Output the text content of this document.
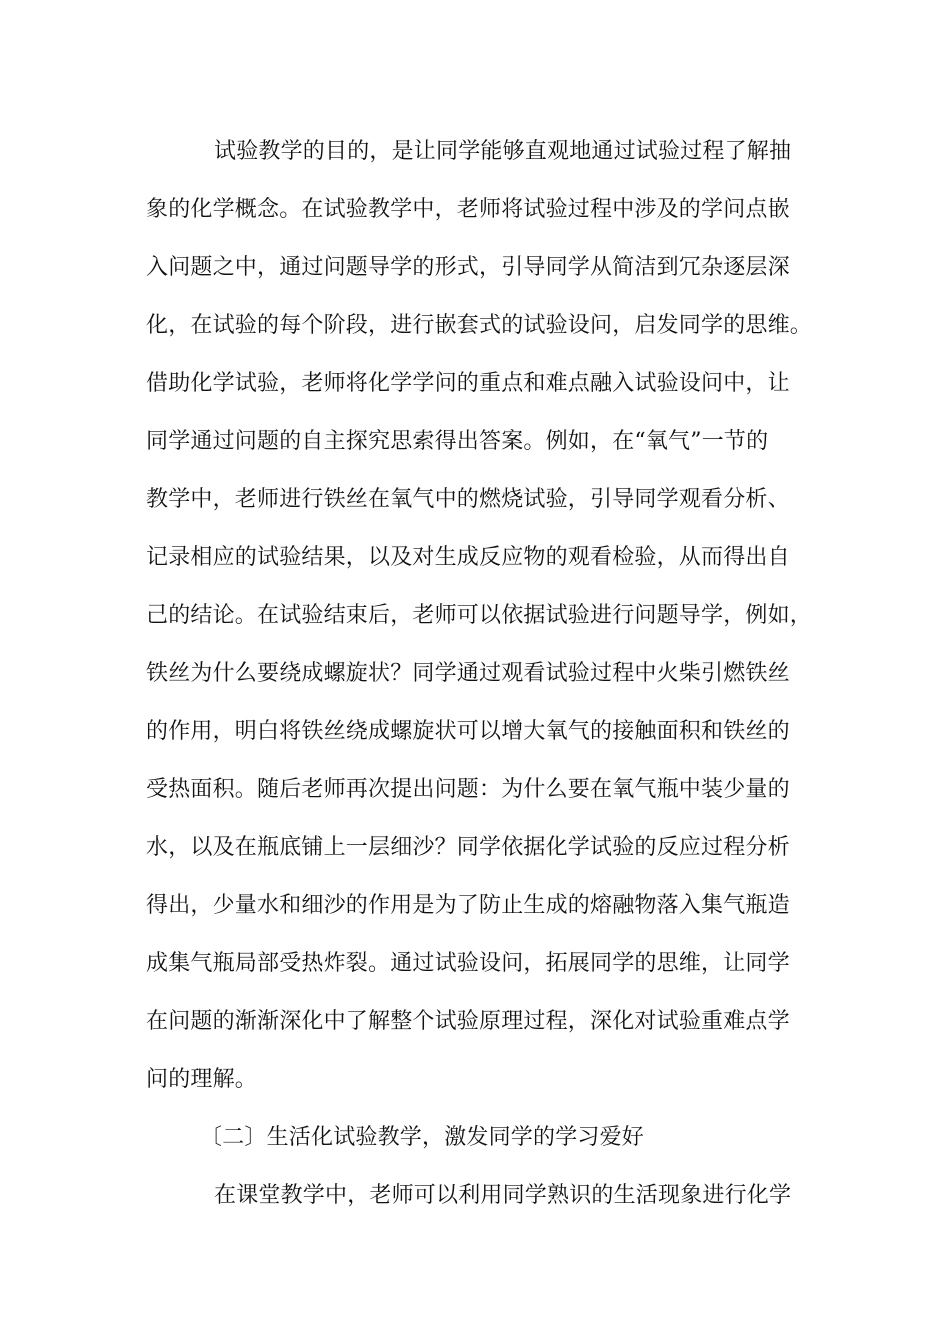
试验教学的目的，是让同学能够直观地通过试验过程了解抽
象的化学概念。在试验教学中，老师将试验过程中涉及的学问点嵌
入问题之中，通过问题导学的形式，引导同学从简洁到冗杂逐层深
化，在试验的每个阶段，进行嵌套式的试验设问，启发同学的思维。
借助化学试验，老师将化学学问的重点和难点融入试验设问中，让
同学通过问题的自主探究思索得出答案。例如，在“氧气”一节的
教学中，老师进行铁丝在氧气中的燃烧试验，引导同学观看分析、
记录相应的试验结果，以及对生成反应物的观看检验，从而得出自
己的结论。在试验结束后，老师可以依据试验进行问题导学，例如，
铁丝为什么要绕成螺旋状？同学通过观看试验过程中火柴引燃铁丝
的作用，明白将铁丝绕成螺旋状可以增大氧气的接触面积和铁丝的
受热面积。随后老师再次提出问题：为什么要在氧气瓶中装少量的
水，以及在瓶底铺上一层细沙？同学依据化学试验的反应过程分析
得出，少量水和细沙的作用是为了防止生成的熔融物落入集气瓶造
成集气瓶局部受热炸裂。通过试验设问，拓展同学的思维，让同学
在问题的渐渐深化中了解整个试验原理过程，深化对试验重难点学
问的理解。
〔二〕生活化试验教学，激发同学的学习爱好
在课堂教学中，老师可以利用同学熟识的生活现象进行化学
